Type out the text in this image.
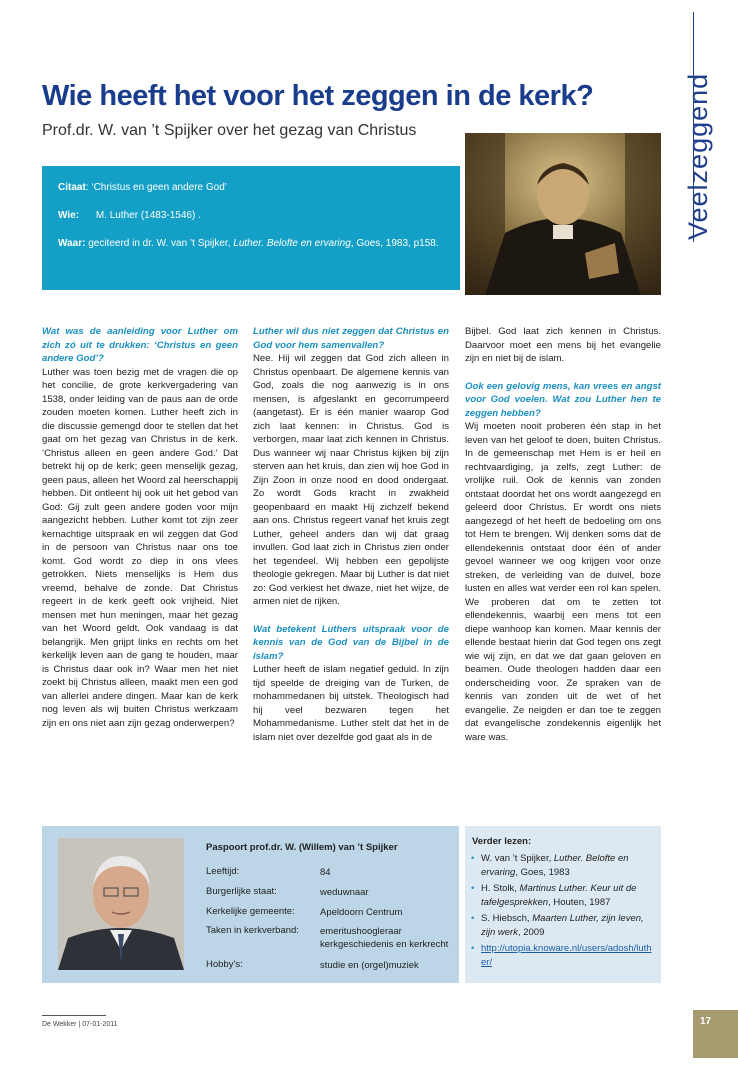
Veelzeggend
Wie heeft het voor het zeggen in de kerk?
Prof.dr. W. van ’t Spijker over het gezag van Christus
Citaat: ‘Christus en geen andere God’
Wie: M. Luther (1483-1546) .
Waar: geciteerd in dr. W. van ’t Spijker, Luther. Belofte en ervaring, Goes, 1983, p158.

Wat was de aanleiding voor Luther om zich zó uit te drukken: ‘Christus en geen andere God’?

Luther was toen bezig met de vragen die op het concilie, de grote kerkvergadering van 1538, onder leiding van de paus aan de orde zouden moeten komen. Luther heeft zich in die discussie gemengd door te stellen dat het gaat om het gezag van Christus in de kerk. ‘Christus alleen en geen andere God.’ Dat betrekt hij op de kerk; geen menselijk gezag, geen paus, alleen het Woord zal heerschappij hebben. Dit ontleent hij ook uit het gebod van God: Gij zult geen andere goden voor mijn aangezicht hebben. Luther komt tot zijn zeer kernachtige uitspraak en wil zeggen dat God in de persoon van Christus naar ons toe komt. God wordt zo diep in ons vlees getrokken. Niets menselijks is Hem dus vreemd, behalve de zonde. Dat Christus regeert in de kerk geeft ook vrijheid. Niet mensen met hun meningen, maar het gezag van het Woord geldt. Ook vandaag is dat belangrijk. Men grijpt links en rechts om het kerkelijk leven aan de gang te houden, maar is Christus daar ook in? Waar men het niet zoekt bij Christus alleen, maakt men een god van allerlei andere dingen. Maar kan de kerk nog leven als wij buiten Christus werkzaam zijn en ons niet aan zijn gezag onderwerpen?

Luther wil dus niet zeggen dat Christus en God voor hem samenvallen?

Nee. Hij wil zeggen dat God zich alleen in Christus openbaart. De algemene kennis van God, zoals die nog aanwezig is in ons mensen, is afgeslankt en gecorrumpeerd (aangetast). Er is één manier waarop God zich laat kennen: in Christus. God is verborgen, maar laat zich kennen in Christus. Dus wanneer wij naar Christus kijken bij zijn sterven aan het kruis, dan zien wij hoe God in Zijn Zoon in onze nood en dood ondergaat. Zo wordt Gods kracht in zwakheid geopenbaard en maakt Hij zichzelf bekend aan ons. Christus regeert vanaf het kruis zegt Luther, geheel anders dan wij dat graag invullen. God laat zich in Christus zien onder het tegendeel. Wij hebben een gepolijste theologie gekregen. Maar bij Luther is dat niet zo: God verkiest het dwaze, niet het wijze, de armen niet de rijken.

Wat betekent Luthers uitspraak voor de kennis van de God van de Bijbel in de islam?

Luther heeft de islam negatief geduid. In zijn tijd speelde de dreiging van de Turken, de mohammedanen bij uitstek. Theologisch had hij veel bezwaren tegen het Mohammedanisme. Luther stelt dat het in de islam niet over dezelfde god gaat als in de

Bijbel. God laat zich kennen in Christus. Daarvoor moet een mens bij het evangelie zijn en niet bij de islam.

Ook een gelovig mens, kan vrees en angst voor God voelen. Wat zou Luther hen te zeggen hebben?

Wij moeten nooit proberen één stap in het leven van het geloof te doen, buiten Christus. In de gemeenschap met Hem is er heil en rechtvaardiging, ja zelfs, zegt Luther: de vrolijke ruil. Ook de kennis van zonden ontstaat doordat het ons wordt aangezegd en geleerd door Christus. Er wordt ons niets aangezegd of het heeft de bedoeling om ons tot Hem te brengen. Wij denken soms dat de ellendekennis ontstaat door één of ander gevoel wanneer we oog krijgen voor onze streken, de verleiding van de duivel, boze lusten en alles wat verder een rol kan spelen. We proberen dat om te zetten tot ellendekennis, waarbij een mens tot een diepe wanhoop kan komen. Maar kennis der ellende bestaat hierin dat God tegen ons zegt wie wij zijn, en dat we dat gaan geloven en beamen. Oude theologen hadden daar een onderscheiding voor. Ze spraken van de kennis van zonden uit de wet of het evangelie. Ze neigden er dan toe te zeggen dat evangelische zondekennis eigenlijk het ware was.

Paspoort prof.dr. W. (Willem) van ’t Spijker
Leeftijd:	84
Burgerlijke staat:	weduwnaar
Kerkelijke gemeente:	Apeldoorn Centrum
Taken in kerkverband: emeritushoogleraar
kerkgeschiedenis en kerkrecht
Hobby’s:	studie en (orgel)muziek
Verder lezen:
• W. van ’t Spijker, Luther. Belofte en ervaring, Goes, 1983
• H. Stolk, Martinus Luther. Keur uit de tafelgesprekken, Houten, 1987
• S. Hiebsch, Maarten Luther, zijn leven, zijn werk, 2009
• http://utopia.knoware.nl/users/adosh/luther/
De Wekker | 07-01-2011	17
